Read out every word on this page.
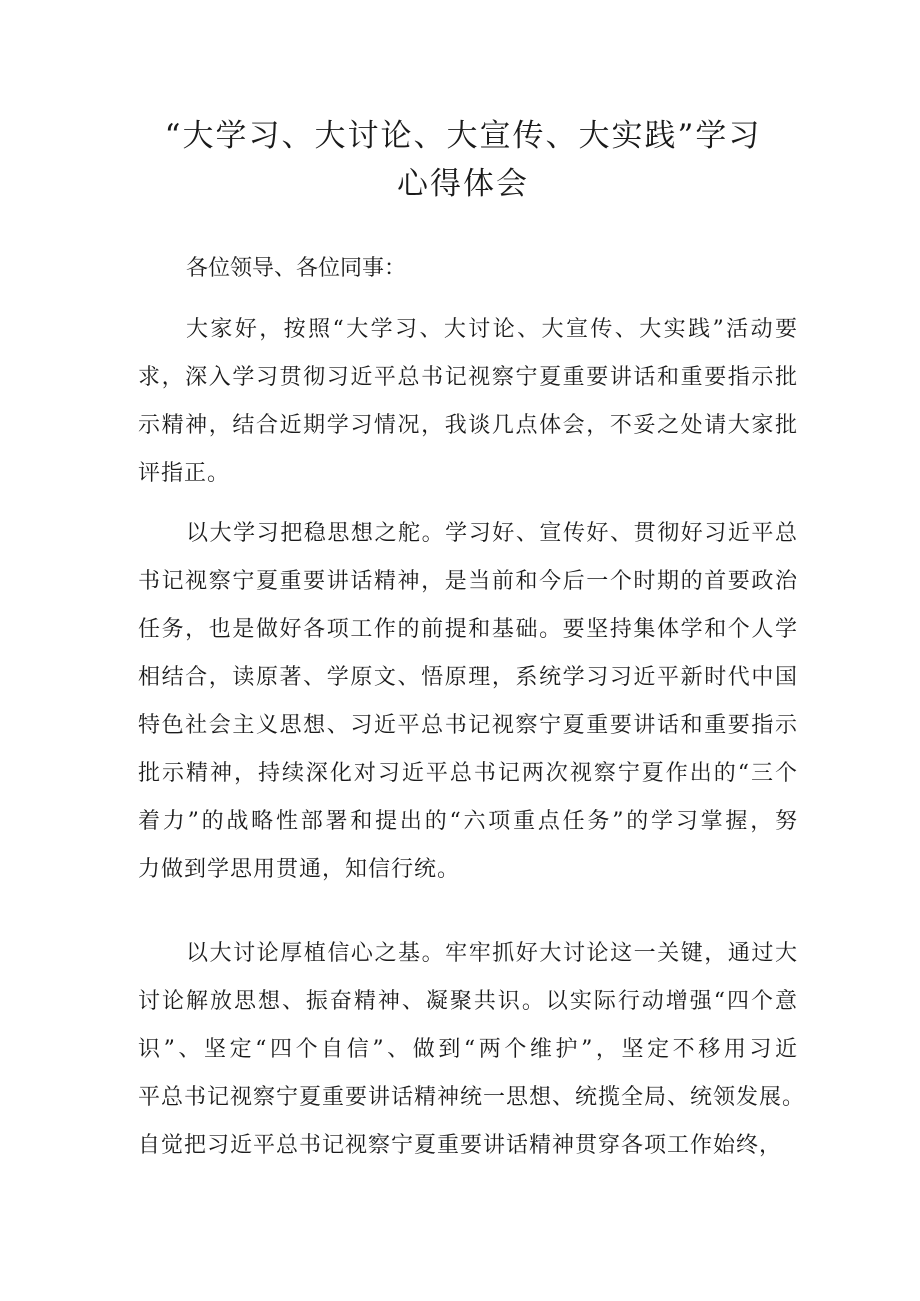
“大学习、大讨论、大宣传、大实践”学习
心得体会

各位领导、各位同事：

大家好，按照“大学习、大讨论、大宣传、大实践”活动要
求，深入学习贯彻习近平总书记视察宁夏重要讲话和重要指示批
示精神，结合近期学习情况，我谈几点体会，不妥之处请大家批
评指正。
以大学习把稳思想之舵。学习好、宣传好、贯彻好习近平总
书记视察宁夏重要讲话精神，是当前和今后一个时期的首要政治
任务，也是做好各项工作的前提和基础。要坚持集体学和个人学
相结合，读原著、学原文、悟原理，系统学习习近平新时代中国
特色社会主义思想、习近平总书记视察宁夏重要讲话和重要指示
批示精神，持续深化对习近平总书记两次视察宁夏作出的“三个
着力”的战略性部署和提出的“六项重点任务”的学习掌握，努
力做到学思用贯通，知信行统。
以大讨论厚植信心之基。牢牢抓好大讨论这一关键，通过大
讨论解放思想、振奋精神、凝聚共识。以实际行动增强“四个意
识”、坚定“四个自信”、做到“两个维护”，坚定不移用习近
平总书记视察宁夏重要讲话精神统一思想、统揽全局、统领发展。
自觉把习近平总书记视察宁夏重要讲话精神贯穿各项工作始终，
